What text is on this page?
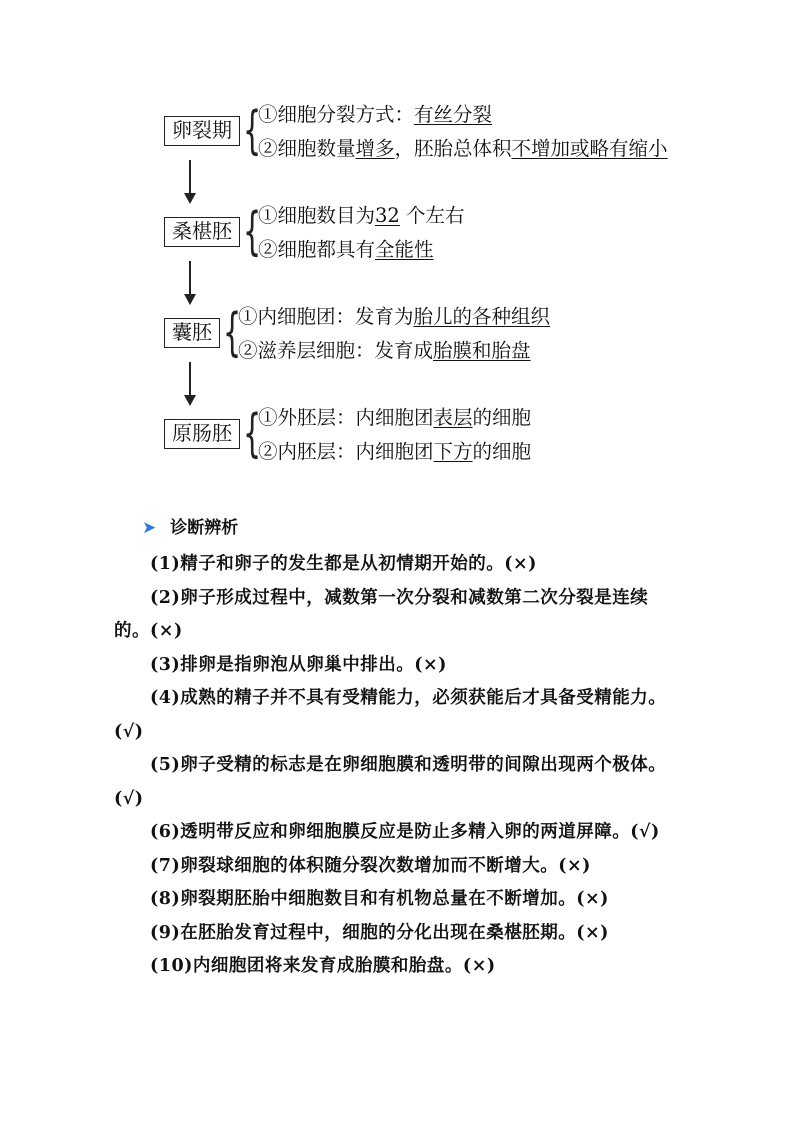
卵裂期 {
①细胞分裂方式：有丝分裂
②细胞数量增多，胚胎总体积不增加或略有缩小
桑椹胚 {
①细胞数目为32 个左右
②细胞都具有全能性
囊胚 {
①内细胞团：发育为胎儿的各种组织
②滋养层细胞：发育成胎膜和胎盘
原肠胚 {
①外胚层：内细胞团表层的细胞
②内胚层：内细胞团下方的细胞
➤ 诊断辨析

(1)精子和卵子的发生都是从初情期开始的。(×)

(2)卵子形成过程中，减数第一次分裂和减数第二次分裂是连续的。(×)

(3)排卵是指卵泡从卵巢中排出。(×)

(4)成熟的精子并不具有受精能力，必须获能后才具备受精能力。(√)

(5)卵子受精的标志是在卵细胞膜和透明带的间隙出现两个极体。(√)

(6)透明带反应和卵细胞膜反应是防止多精入卵的两道屏障。(√)

(7)卵裂球细胞的体积随分裂次数增加而不断增大。(×)

(8)卵裂期胚胎中细胞数目和有机物总量在不断增加。(×)

(9)在胚胎发育过程中，细胞的分化出现在桑椹胚期。(×)

(10)内细胞团将来发育成胎膜和胎盘。(×)
